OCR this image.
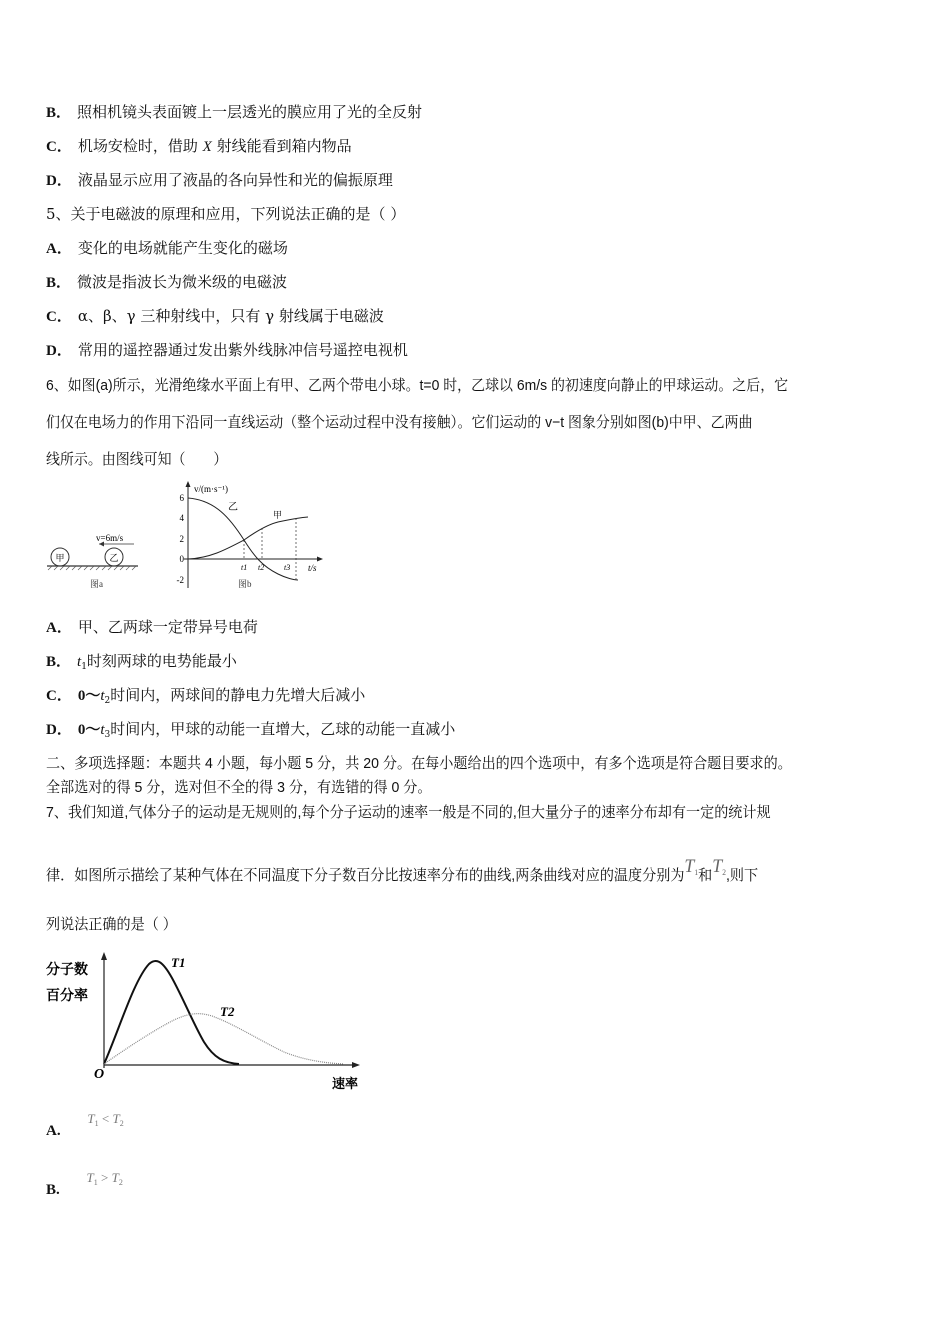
B． 照相机镜头表面镀上一层透光的膜应用了光的全反射
C． 机场安检时，借助 X 射线能看到箱内物品
D． 液晶显示应用了液晶的各向异性和光的偏振原理
5、关于电磁波的原理和应用，下列说法正确的是（ ）
A． 变化的电场就能产生变化的磁场
B． 微波是指波长为微米级的电磁波
C． α、β、γ 三种射线中，只有 γ 射线属于电磁波
D． 常用的遥控器通过发出紫外线脉冲信号遥控电视机
6、如图(a)所示，光滑绝缘水平面上有甲、乙两个带电小球。t=0 时，乙球以 6m/s 的初速度向静止的甲球运动。之后，它
们仅在电场力的作用下沿同一直线运动（整个运动过程中没有接触）。它们运动的 v−t 图象分别如图(b)中甲、乙两曲
线所示。由图线可知（　　）
甲	乙
v=6m/s
图a
v/(m·s⁻¹)
t/s
6
4
2
0
-2
乙
甲
t1 t2 t3
图b
A． 甲、乙两球一定带异号电荷
B． $t_1$时刻两球的电势能最小
C． $0\sim t_2$时间内，两球间的静电力先增大后减小
D． $0\sim t_3$时间内，甲球的动能一直增大，乙球的动能一直减小
二、多项选择题：本题共 4 小题，每小题 5 分，共 20 分。在每小题给出的四个选项中，有多个选项是符合题目要求的。
全部选对的得 5 分，选对但不全的得 3 分，有选错的得 0 分。
7、我们知道,气体分子的运动是无规则的,每个分子运动的速率一般是不同的,但大量分子的速率分布却有一定的统计规
律．如图所示描绘了某种气体在不同温度下分子数百分比按速率分布的曲线,两条曲线对应的温度分别为$T_1$和$T_2$,则下
列说法正确的是（ ）
分子数
百分率
O
速率
T1
T2
A. $T_1 < T_2$
B. $T_1 > T_2$
